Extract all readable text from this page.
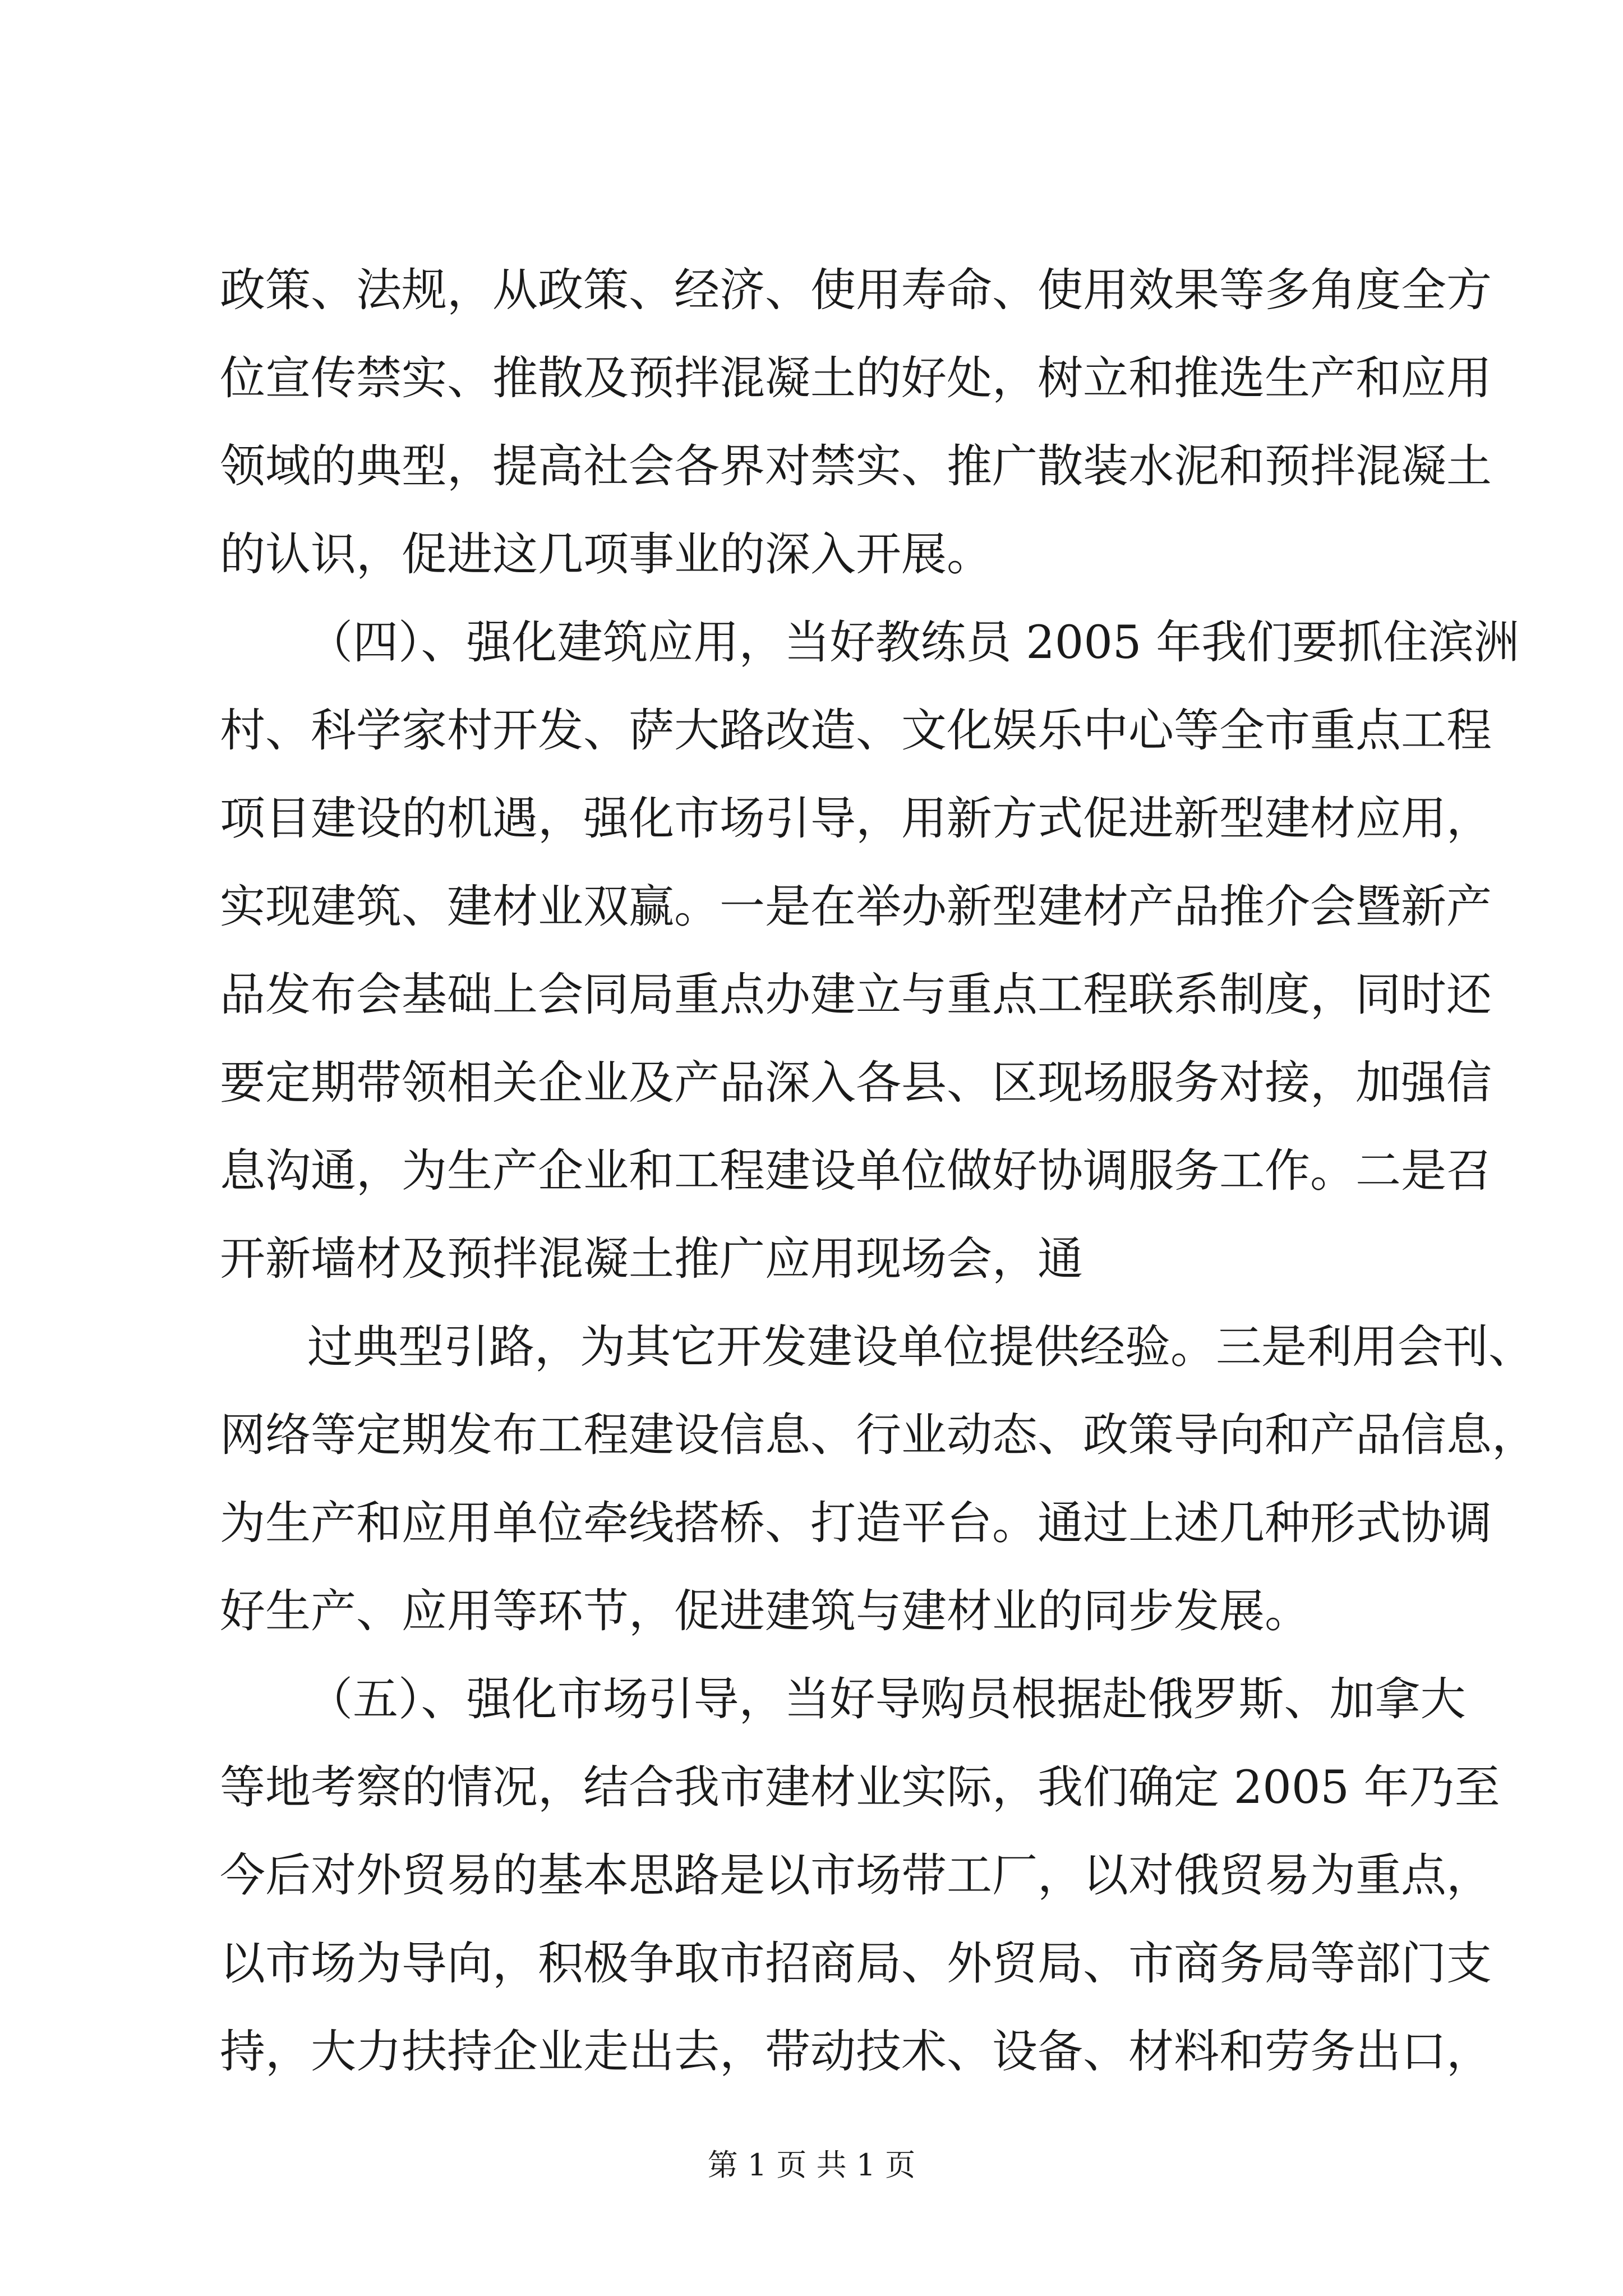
政策、法规，从政策、经济、使用寿命、使用效果等多角度全方
位宣传禁实、推散及预拌混凝土的好处，树立和推选生产和应用
领域的典型，提高社会各界对禁实、推广散装水泥和预拌混凝土
的认识，促进这几项事业的深入开展。
（四）、强化建筑应用，当好教练员 2005 年我们要抓住滨洲
村、科学家村开发、萨大路改造、文化娱乐中心等全市重点工程
项目建设的机遇，强化市场引导，用新方式促进新型建材应用，
实现建筑、建材业双赢。一是在举办新型建材产品推介会暨新产
品发布会基础上会同局重点办建立与重点工程联系制度，同时还
要定期带领相关企业及产品深入各县、区现场服务对接，加强信
息沟通，为生产企业和工程建设单位做好协调服务工作。二是召
开新墙材及预拌混凝土推广应用现场会，通
过典型引路，为其它开发建设单位提供经验。三是利用会刊、
网络等定期发布工程建设信息、行业动态、政策导向和产品信息，
为生产和应用单位牵线搭桥、打造平台。通过上述几种形式协调
好生产、应用等环节，促进建筑与建材业的同步发展。
（五）、强化市场引导，当好导购员根据赴俄罗斯、加拿大
等地考察的情况，结合我市建材业实际，我们确定 2005 年乃至
今后对外贸易的基本思路是以市场带工厂，以对俄贸易为重点，
以市场为导向，积极争取市招商局、外贸局、市商务局等部门支
持，大力扶持企业走出去，带动技术、设备、材料和劳务出口，
第 1 页 共 1 页
